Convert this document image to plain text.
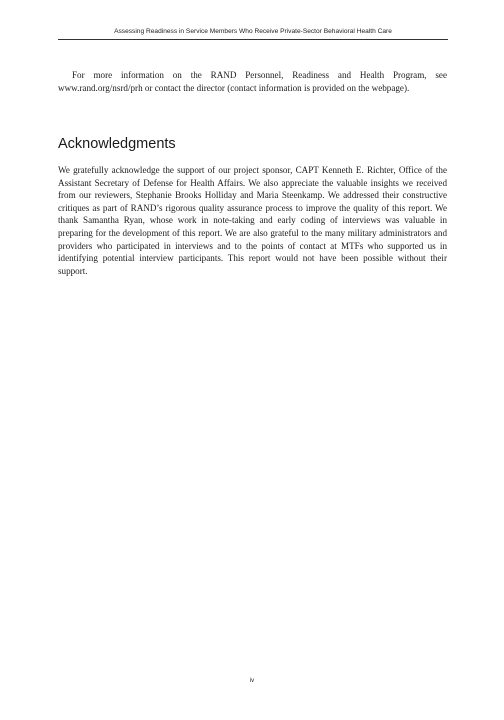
Assessing Readiness in Service Members Who Receive Private-Sector Behavioral Health Care

For more information on the RAND Personnel, Readiness and Health Program, see www.rand.org/nsrd/prh or contact the director (contact information is provided on the webpage).

Acknowledgments

We gratefully acknowledge the support of our project sponsor, CAPT Kenneth E. Richter, Office of the Assistant Secretary of Defense for Health Affairs. We also appreciate the valuable insights we received from our reviewers, Stephanie Brooks Holliday and Maria Steenkamp. We addressed their constructive critiques as part of RAND’s rigorous quality assurance process to improve the quality of this report. We thank Samantha Ryan, whose work in note-taking and early coding of interviews was valuable in preparing for the development of this report. We are also grateful to the many military administrators and providers who participated in interviews and to the points of contact at MTFs who supported us in identifying potential interview participants. This report would not have been possible without their support.

iv
